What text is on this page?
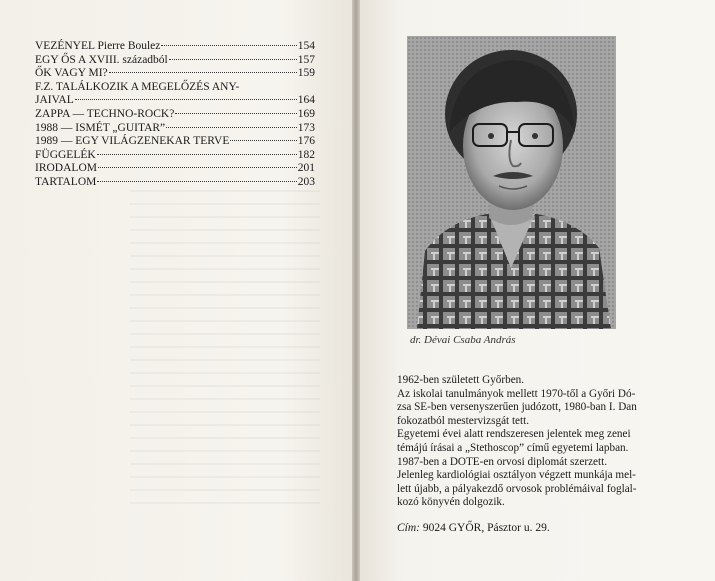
VEZÉNYEL Pierre Boulez	154
EGY ŐS A XVIII. századból	157
ŐK VAGY MI?	159
F.Z. TALÁLKOZIK A MEGELŐZÉS ANY-
JAIVAL	164
ZAPPA — TECHNO-ROCK?	169
1988 — ISMÉT „GUITAR”	173
1989 — EGY VILÁGZENEKAR TERVE	176
FÜGGELÉK	182
IRODALOM	201
TARTALOM	203
dr. Dévai Csaba András

1962-ben született Győrben.

Az iskolai tanulmányok mellett 1970-től a Győri Dó-

zsa SE-ben versenyszerűen judózott, 1980-ban I. Dan

fokozatból mestervizsgát tett.

Egyetemi évei alatt rendszeresen jelentek meg zenei

témájú írásai a „Stethoscop” című egyetemi lapban.

1987-ben a DOTE-en orvosi diplomát szerzett.

Jelenleg kardiológiai osztályon végzett munkája mel-

lett újabb, a pályakezdő orvosok problémáival foglal-

kozó könyvén dolgozik.

Cím: 9024 GYŐR, Pásztor u. 29.
